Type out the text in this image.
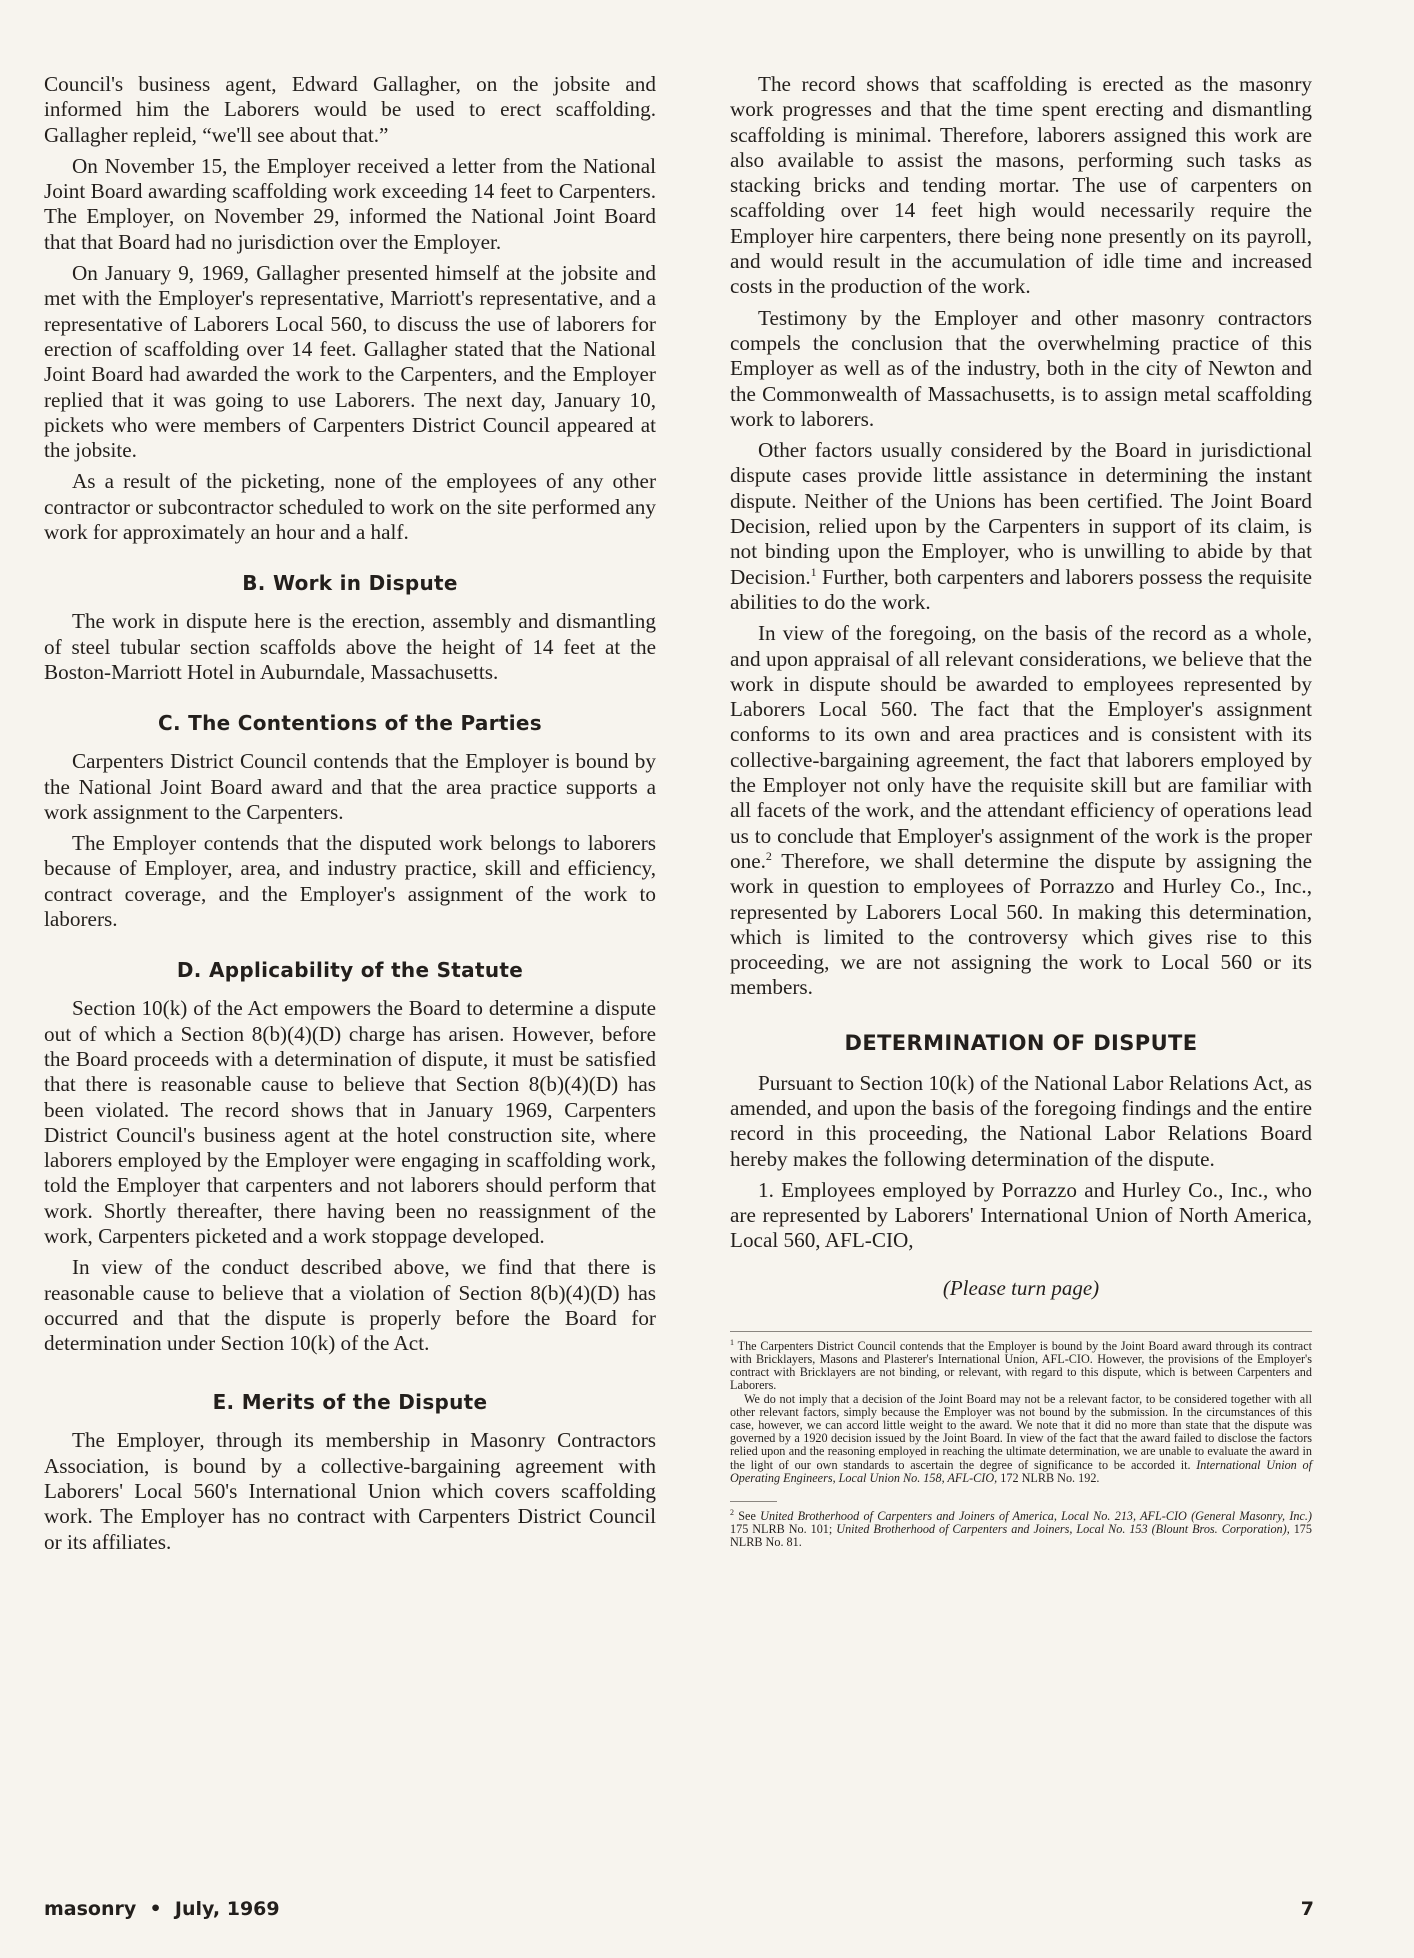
Council's business agent, Edward Gallagher, on the jobsite and informed him the Laborers would be used to erect scaffolding. Gallagher repleid, “we'll see about that.”

On November 15, the Employer received a letter from the National Joint Board awarding scaffolding work exceeding 14 feet to Carpenters. The Employer, on November 29, informed the National Joint Board that that Board had no jurisdiction over the Employer.

On January 9, 1969, Gallagher presented himself at the jobsite and met with the Employer's representative, Marriott's representative, and a representative of Laborers Local 560, to discuss the use of laborers for erection of scaffolding over 14 feet. Gallagher stated that the National Joint Board had awarded the work to the Carpenters, and the Employer replied that it was going to use Laborers. The next day, January 10, pickets who were members of Carpenters District Council appeared at the jobsite.

As a result of the picketing, none of the employees of any other contractor or subcontractor scheduled to work on the site performed any work for approximately an hour and a half.

B. Work in Dispute

The work in dispute here is the erection, assembly and dismantling of steel tubular section scaffolds above the height of 14 feet at the Boston-Marriott Hotel in Auburndale, Massachusetts.

C. The Contentions of the Parties

Carpenters District Council contends that the Employer is bound by the National Joint Board award and that the area practice supports a work assignment to the Carpenters.

The Employer contends that the disputed work belongs to laborers because of Employer, area, and industry practice, skill and efficiency, contract coverage, and the Employer's assignment of the work to laborers.

D. Applicability of the Statute

Section 10(k) of the Act empowers the Board to determine a dispute out of which a Section 8(b)(4)(D) charge has arisen. However, before the Board proceeds with a determination of dispute, it must be satisfied that there is reasonable cause to believe that Section 8(b)(4)(D) has been violated. The record shows that in January 1969, Carpenters District Council's business agent at the hotel construction site, where laborers employed by the Employer were engaging in scaffolding work, told the Employer that carpenters and not laborers should perform that work. Shortly thereafter, there having been no reassignment of the work, Carpenters picketed and a work stoppage developed.

In view of the conduct described above, we find that there is reasonable cause to believe that a violation of Section 8(b)(4)(D) has occurred and that the dispute is properly before the Board for determination under Section 10(k) of the Act.

E. Merits of the Dispute

The Employer, through its membership in Masonry Contractors Association, is bound by a collective-bargaining agreement with Laborers' Local 560's International Union which covers scaffolding work. The Employer has no contract with Carpenters District Council or its affiliates.

The record shows that scaffolding is erected as the masonry work progresses and that the time spent erecting and dismantling scaffolding is minimal. Therefore, laborers assigned this work are also available to assist the masons, performing such tasks as stacking bricks and tending mortar. The use of carpenters on scaffolding over 14 feet high would necessarily require the Employer hire carpenters, there being none presently on its payroll, and would result in the accumulation of idle time and increased costs in the production of the work.

Testimony by the Employer and other masonry contractors compels the conclusion that the overwhelming practice of this Employer as well as of the industry, both in the city of Newton and the Commonwealth of Massachusetts, is to assign metal scaffolding work to laborers.

Other factors usually considered by the Board in jurisdictional dispute cases provide little assistance in determining the instant dispute. Neither of the Unions has been certified. The Joint Board Decision, relied upon by the Carpenters in support of its claim, is not binding upon the Employer, who is unwilling to abide by that Decision.$^1$ Further, both carpenters and laborers possess the requisite abilities to do the work.

In view of the foregoing, on the basis of the record as a whole, and upon appraisal of all relevant considerations, we believe that the work in dispute should be awarded to employees represented by Laborers Local 560. The fact that the Employer's assignment conforms to its own and area practices and is consistent with its collective-bargaining agreement, the fact that laborers employed by the Employer not only have the requisite skill but are familiar with all facets of the work, and the attendant efficiency of operations lead us to conclude that Employer's assignment of the work is the proper one.$^2$ Therefore, we shall determine the dispute by assigning the work in question to employees of Porrazzo and Hurley Co., Inc., represented by Laborers Local 560. In making this determination, which is limited to the controversy which gives rise to this proceeding, we are not assigning the work to Local 560 or its members.

DETERMINATION OF DISPUTE

Pursuant to Section 10(k) of the National Labor Relations Act, as amended, and upon the basis of the foregoing findings and the entire record in this proceeding, the National Labor Relations Board hereby makes the following determination of the dispute.

1. Employees employed by Porrazzo and Hurley Co., Inc., who are represented by Laborers' International Union of North America, Local 560, AFL-CIO,

(Please turn page)

$^1$ The Carpenters District Council contends that the Employer is bound by the Joint Board award through its contract with Bricklayers, Masons and Plasterer's International Union, AFL-CIO. However, the provisions of the Employer's contract with Bricklayers are not binding, or relevant, with regard to this dispute, which is between Carpenters and Laborers.

We do not imply that a decision of the Joint Board may not be a relevant factor, to be considered together with all other relevant factors, simply because the Employer was not bound by the submission. In the circumstances of this case, however, we can accord little weight to the award. We note that it did no more than state that the dispute was governed by a 1920 decision issued by the Joint Board. In view of the fact that the award failed to disclose the factors relied upon and the reasoning employed in reaching the ultimate determination, we are unable to evaluate the award in the light of our own standards to ascertain the degree of significance to be accorded it. International Union of Operating Engineers, Local Union No. 158, AFL-CIO, 172 NLRB No. 192.

$^2$ See United Brotherhood of Carpenters and Joiners of America, Local No. 213, AFL-CIO (General Masonry, Inc.) 175 NLRB No. 101; United Brotherhood of Carpenters and Joiners, Local No. 153 (Blount Bros. Corporation), 175 NLRB No. 81.

masonry • July, 1969	7
